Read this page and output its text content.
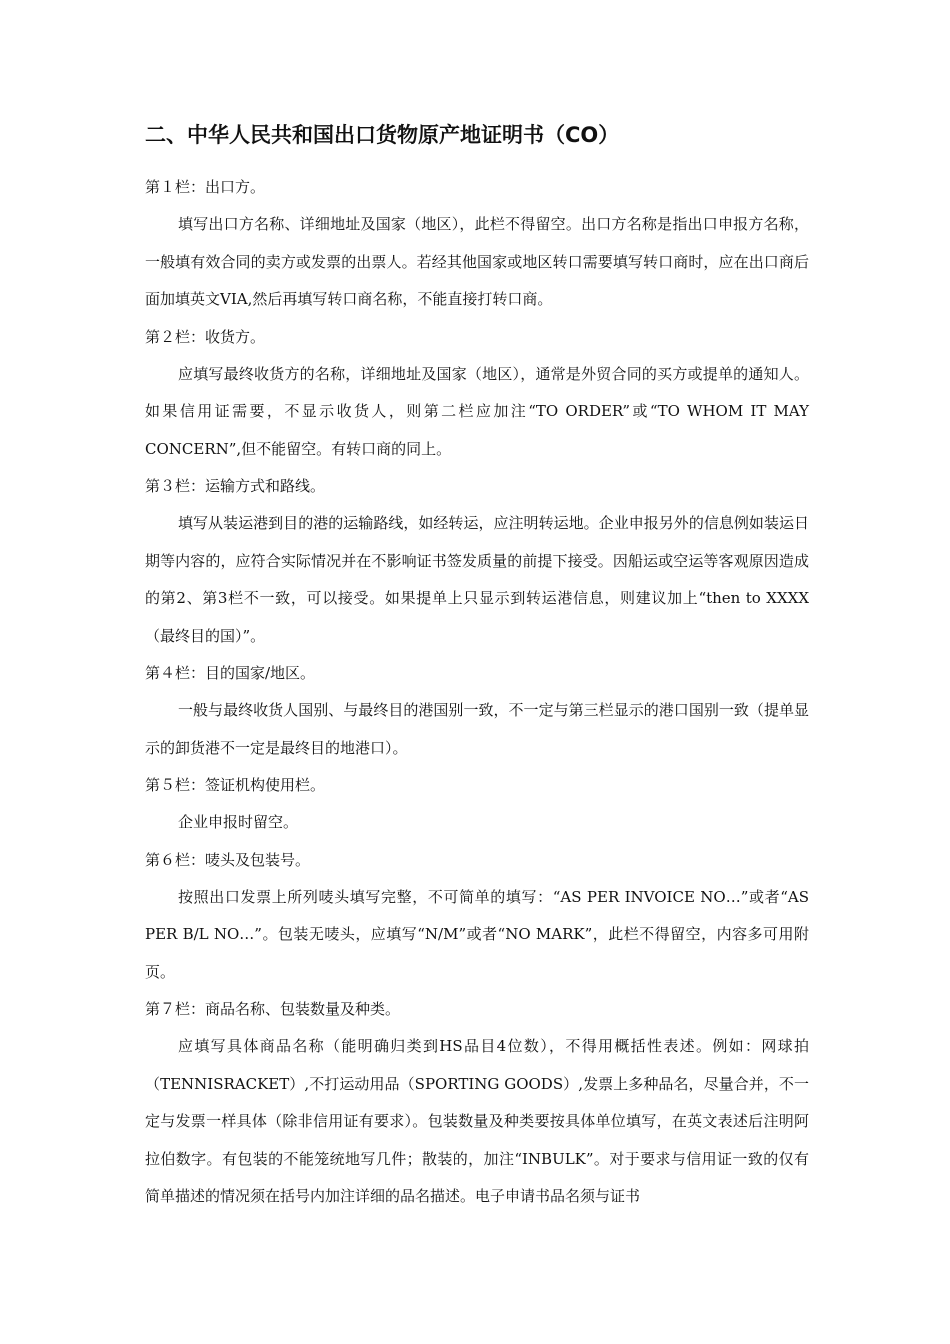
二、中华人民共和国出口货物原产地证明书（CO）

第１栏：出口方。

填写出口方名称、详细地址及国家（地区），此栏不得留空。出口方名称是指出口申报方名称，一般填有效合同的卖方或发票的出票人。若经其他国家或地区转口需要填写转口商时，应在出口商后面加填英文VIA,然后再填写转口商名称，不能直接打转口商。

第２栏：收货方。

应填写最终收货方的名称，详细地址及国家（地区），通常是外贸合同的买方或提单的通知人。如果信用证需要，不显示收货人，则第二栏应加注“TO ORDER”或“TO WHOM IT MAY CONCERN”,但不能留空。有转口商的同上。

第３栏：运输方式和路线。

填写从装运港到目的港的运输路线，如经转运，应注明转运地。企业申报另外的信息例如装运日期等内容的，应符合实际情况并在不影响证书签发质量的前提下接受。因船运或空运等客观原因造成的第2、第3栏不一致，可以接受。如果提单上只显示到转运港信息，则建议加上“then to XXXX（最终目的国）”。

第４栏：目的国家/地区。

一般与最终收货人国别、与最终目的港国别一致，不一定与第三栏显示的港口国别一致（提单显示的卸货港不一定是最终目的地港口）。

第５栏：签证机构使用栏。

企业申报时留空。

第６栏：唛头及包装号。

按照出口发票上所列唛头填写完整，不可简单的填写：“AS PER INVOICE NO…”或者“AS PER B/L NO…”。包装无唛头，应填写“N/M”或者“NO MARK”，此栏不得留空，内容多可用附页。

第７栏：商品名称、包装数量及种类。

应填写具体商品名称（能明确归类到HS品目4位数），不得用概括性表述。例如：网球拍（TENNISRACKET）,不打运动用品（SPORTING GOODS）,发票上多种品名，尽量合并，不一定与发票一样具体（除非信用证有要求）。包装数量及种类要按具体单位填写，在英文表述后注明阿拉伯数字。有包装的不能笼统地写几件；散装的，加注“INBULK”。对于要求与信用证一致的仅有简单描述的情况须在括号内加注详细的品名描述。电子申请书品名须与证书
